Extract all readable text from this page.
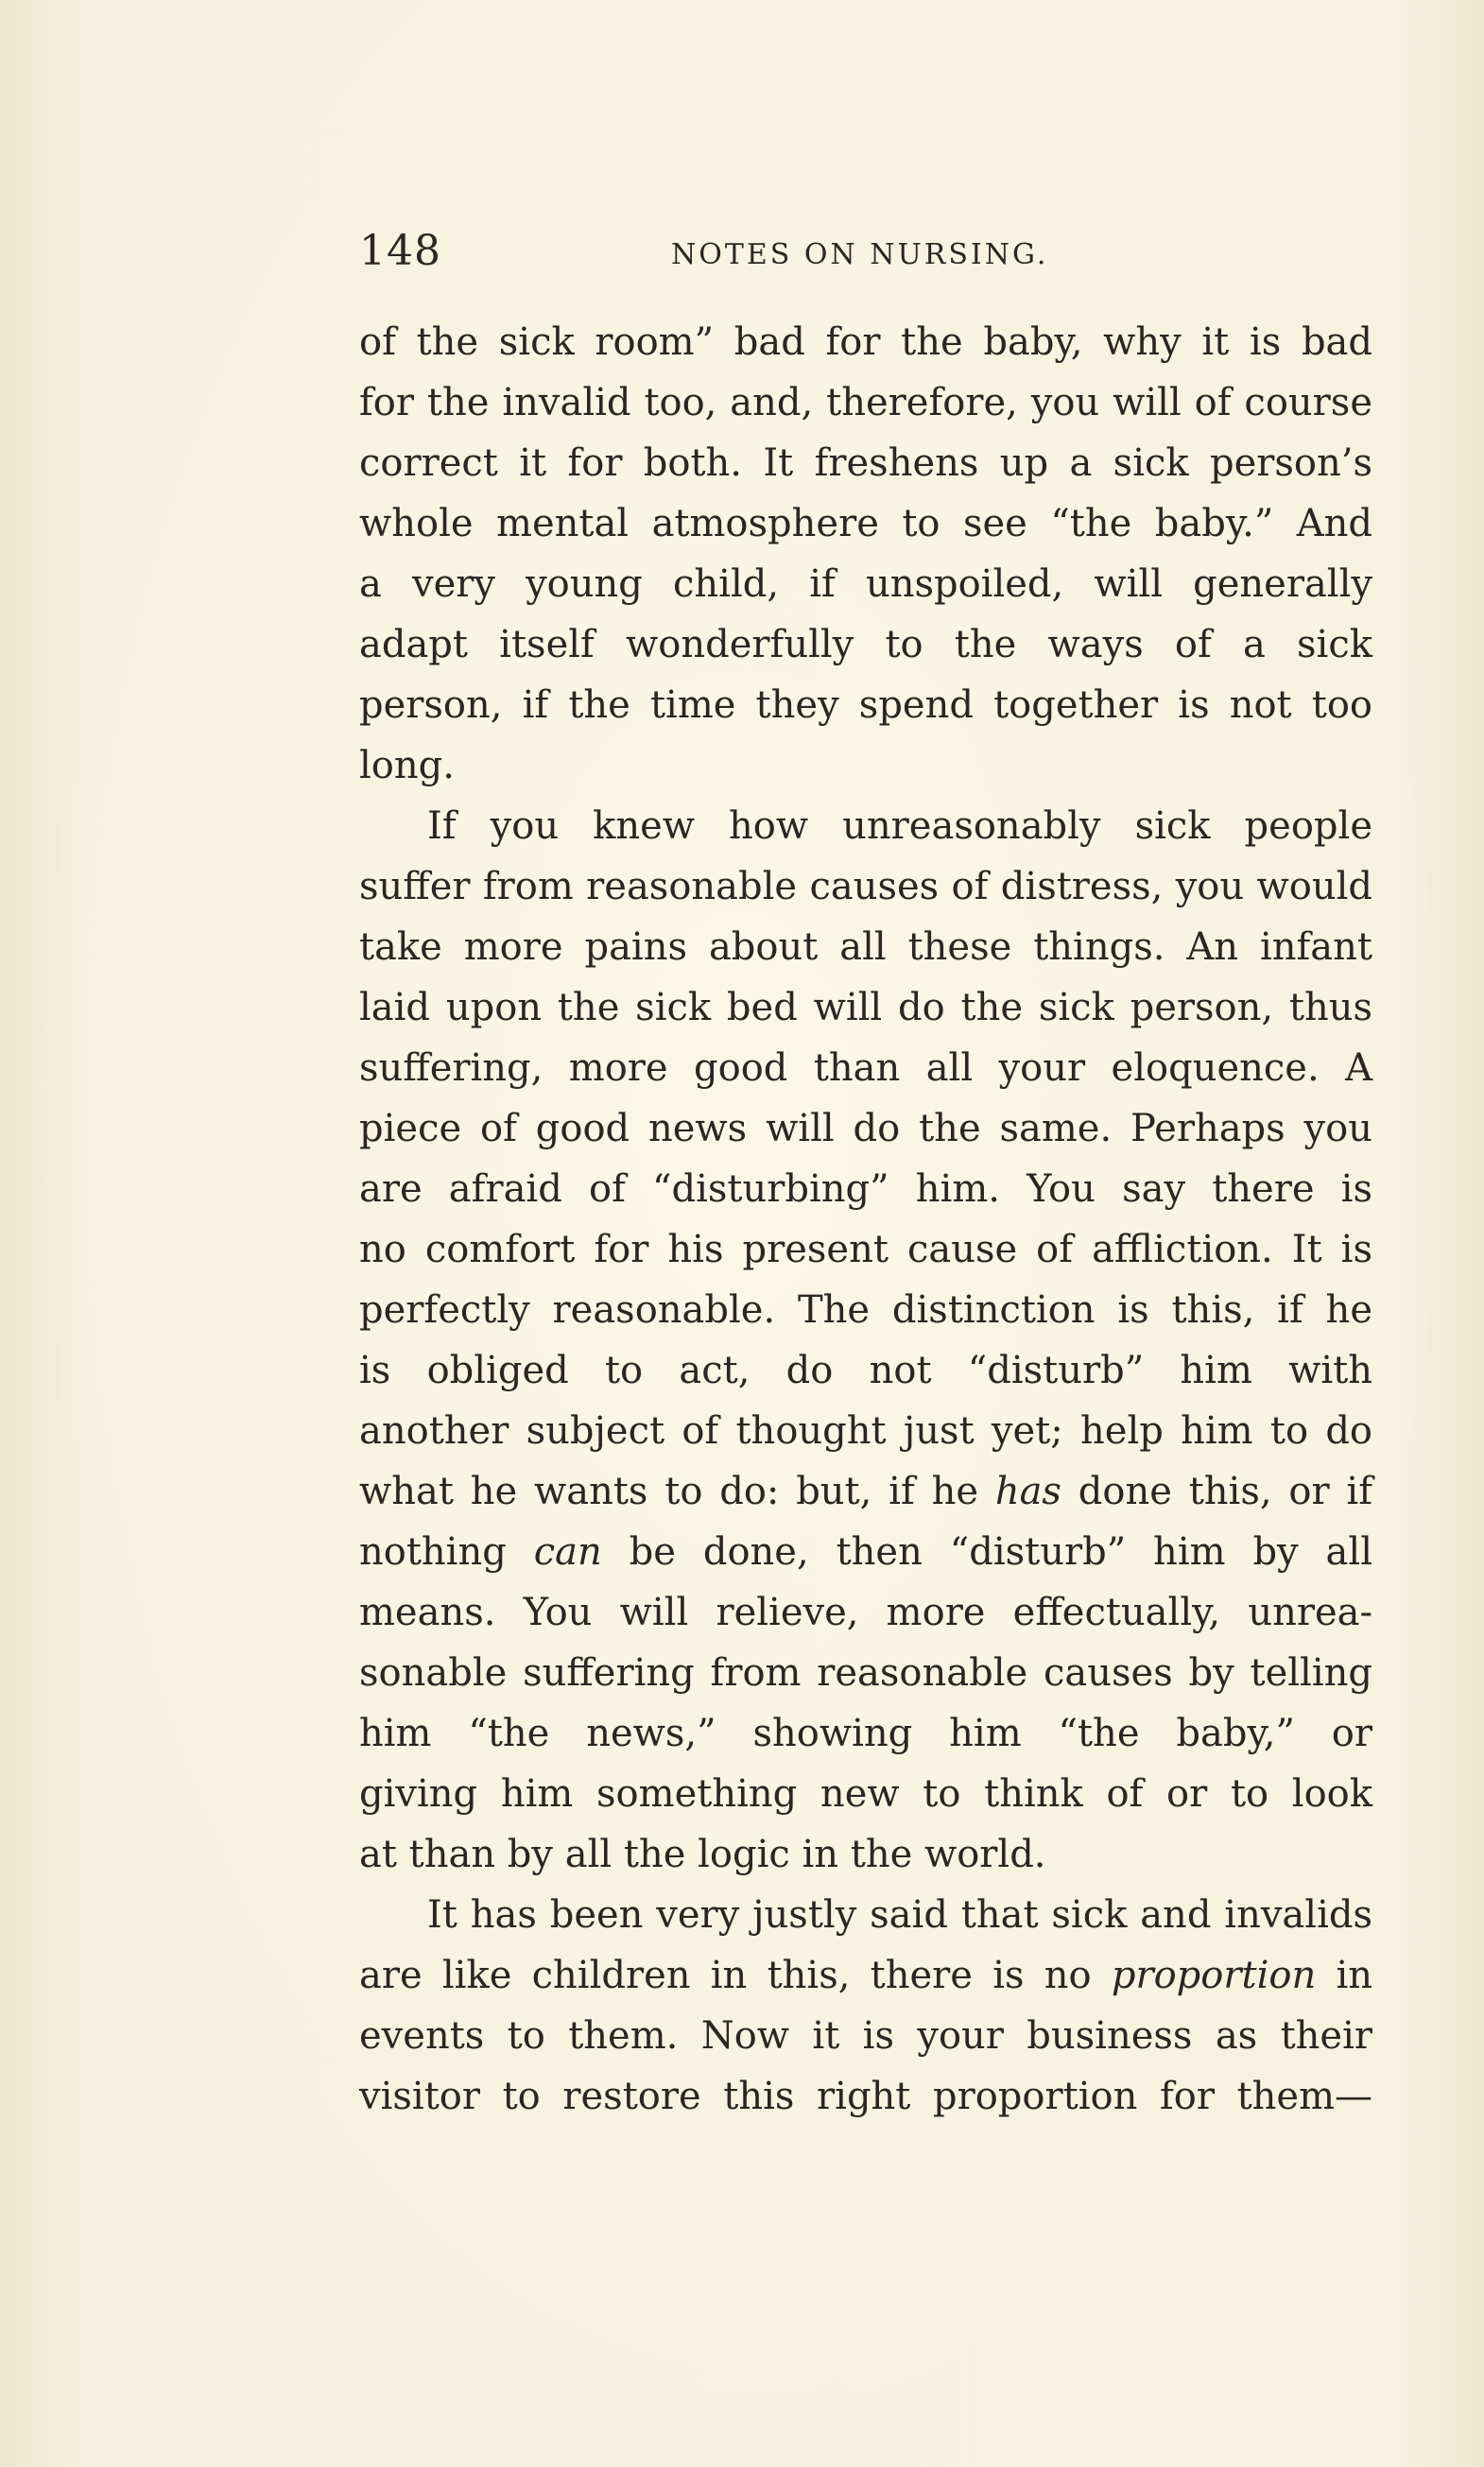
148	NOTES ON NURSING.
of the sick room” bad for the baby, why it is bad
for the invalid too, and, therefore, you will of course
correct it for both. It freshens up a sick person’s
whole mental atmosphere to see “the baby.” And
a very young child, if unspoiled, will generally
adapt itself wonderfully to the ways of a sick
person, if the time they spend together is not too
long.
If you knew how unreasonably sick people
suffer from reasonable causes of distress, you would
take more pains about all these things. An infant
laid upon the sick bed will do the sick person, thus
suffering, more good than all your eloquence. A
piece of good news will do the same. Perhaps you
are afraid of “disturbing” him. You say there is
no comfort for his present cause of affliction. It is
perfectly reasonable. The distinction is this, if he
is obliged to act, do not “disturb” him with
another subject of thought just yet; help him to do
what he wants to do: but, if he has done this, or if
nothing can be done, then “disturb” him by all
means. You will relieve, more effectually, unrea-
sonable suffering from reasonable causes by telling
him “the news,” showing him “the baby,” or
giving him something new to think of or to look
at than by all the logic in the world.
It has been very justly said that sick and invalids
are like children in this, there is no proportion in
events to them. Now it is your business as their
visitor to restore this right proportion for them—
